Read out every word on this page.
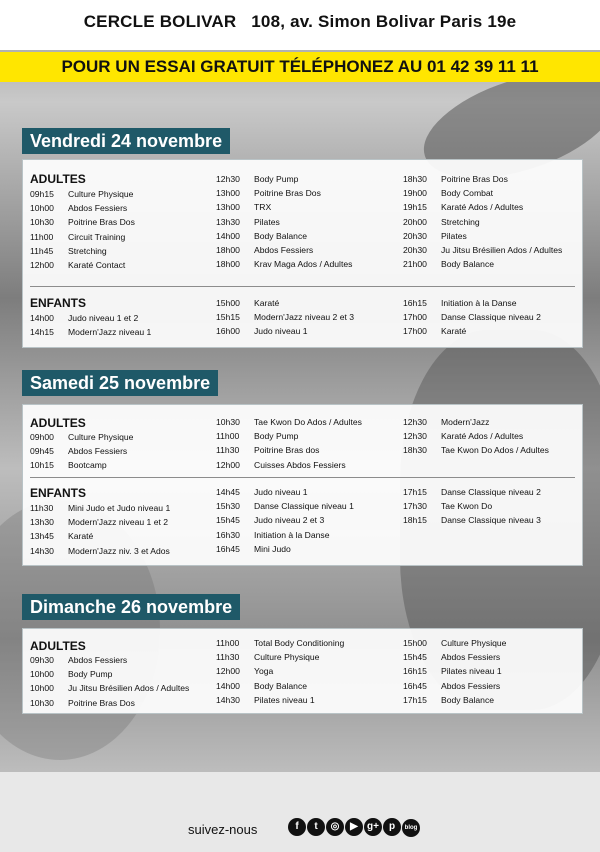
CERCLE BOLIVAR 108, av. Simon Bolivar Paris 19e
POUR UN ESSAI GRATUIT TÉLÉPHONEZ AU 01 42 39 11 11
Vendredi 24 novembre
ADULTES
09h15 Culture Physique
10h00 Abdos Fessiers
10h30 Poitrine Bras Dos
11h00 Circuit Training
11h45 Stretching
12h00 Karaté Contact
12h30 Body Pump
13h00 Poitrine Bras Dos
13h00 TRX
13h30 Pilates
14h00 Body Balance
18h00 Abdos Fessiers
18h00 Krav Maga Ados / Adultes
18h30 Poitrine Bras Dos
19h00 Body Combat
19h15 Karaté Ados / Adultes
20h00 Stretching
20h30 Pilates
20h30 Ju Jitsu Brésilien Ados / Adultes
21h00 Body Balance
ENFANTS
14h00 Judo niveau 1 et 2
14h15 Modern'Jazz niveau 1
15h00 Karaté
15h15 Modern'Jazz niveau 2 et 3
16h00 Judo niveau 1
16h15 Initiation à la Danse
17h00 Danse Classique niveau 2
17h00 Karaté
Samedi 25 novembre
ADULTES
09h00 Culture Physique
09h45 Abdos Fessiers
10h15 Bootcamp
10h30 Tae Kwon Do Ados / Adultes
11h00 Body Pump
11h30 Poitrine Bras dos
12h00 Cuisses Abdos Fessiers
12h30 Modern'Jazz
12h30 Karaté Ados / Adultes
18h30 Tae Kwon Do Ados / Adultes
ENFANTS
11h30 Mini Judo et Judo niveau 1
13h30 Modern'Jazz niveau 1 et 2
13h45 Karaté
14h30 Modern'Jazz niv. 3 et Ados
14h45 Judo niveau 1
15h30 Danse Classique niveau 1
15h45 Judo niveau 2 et 3
16h30 Initiation à la Danse
16h45 Mini Judo
17h15 Danse Classique niveau 2
17h30 Tae Kwon Do
18h15 Danse Classique niveau 3
Dimanche 26 novembre
ADULTES
09h30 Abdos Fessiers
10h00 Body Pump
10h00 Ju Jitsu Brésilien Ados / Adultes
10h30 Poitrine Bras Dos
11h00 Total Body Conditioning
11h30 Culture Physique
12h00 Yoga
14h00 Body Balance
14h30 Pilates niveau 1
15h00 Culture Physique
15h45 Abdos Fessiers
16h15 Pilates niveau 1
16h45 Abdos Fessiers
17h15 Body Balance
suivez-nous	f t ◎ ▶ g+ p blog
